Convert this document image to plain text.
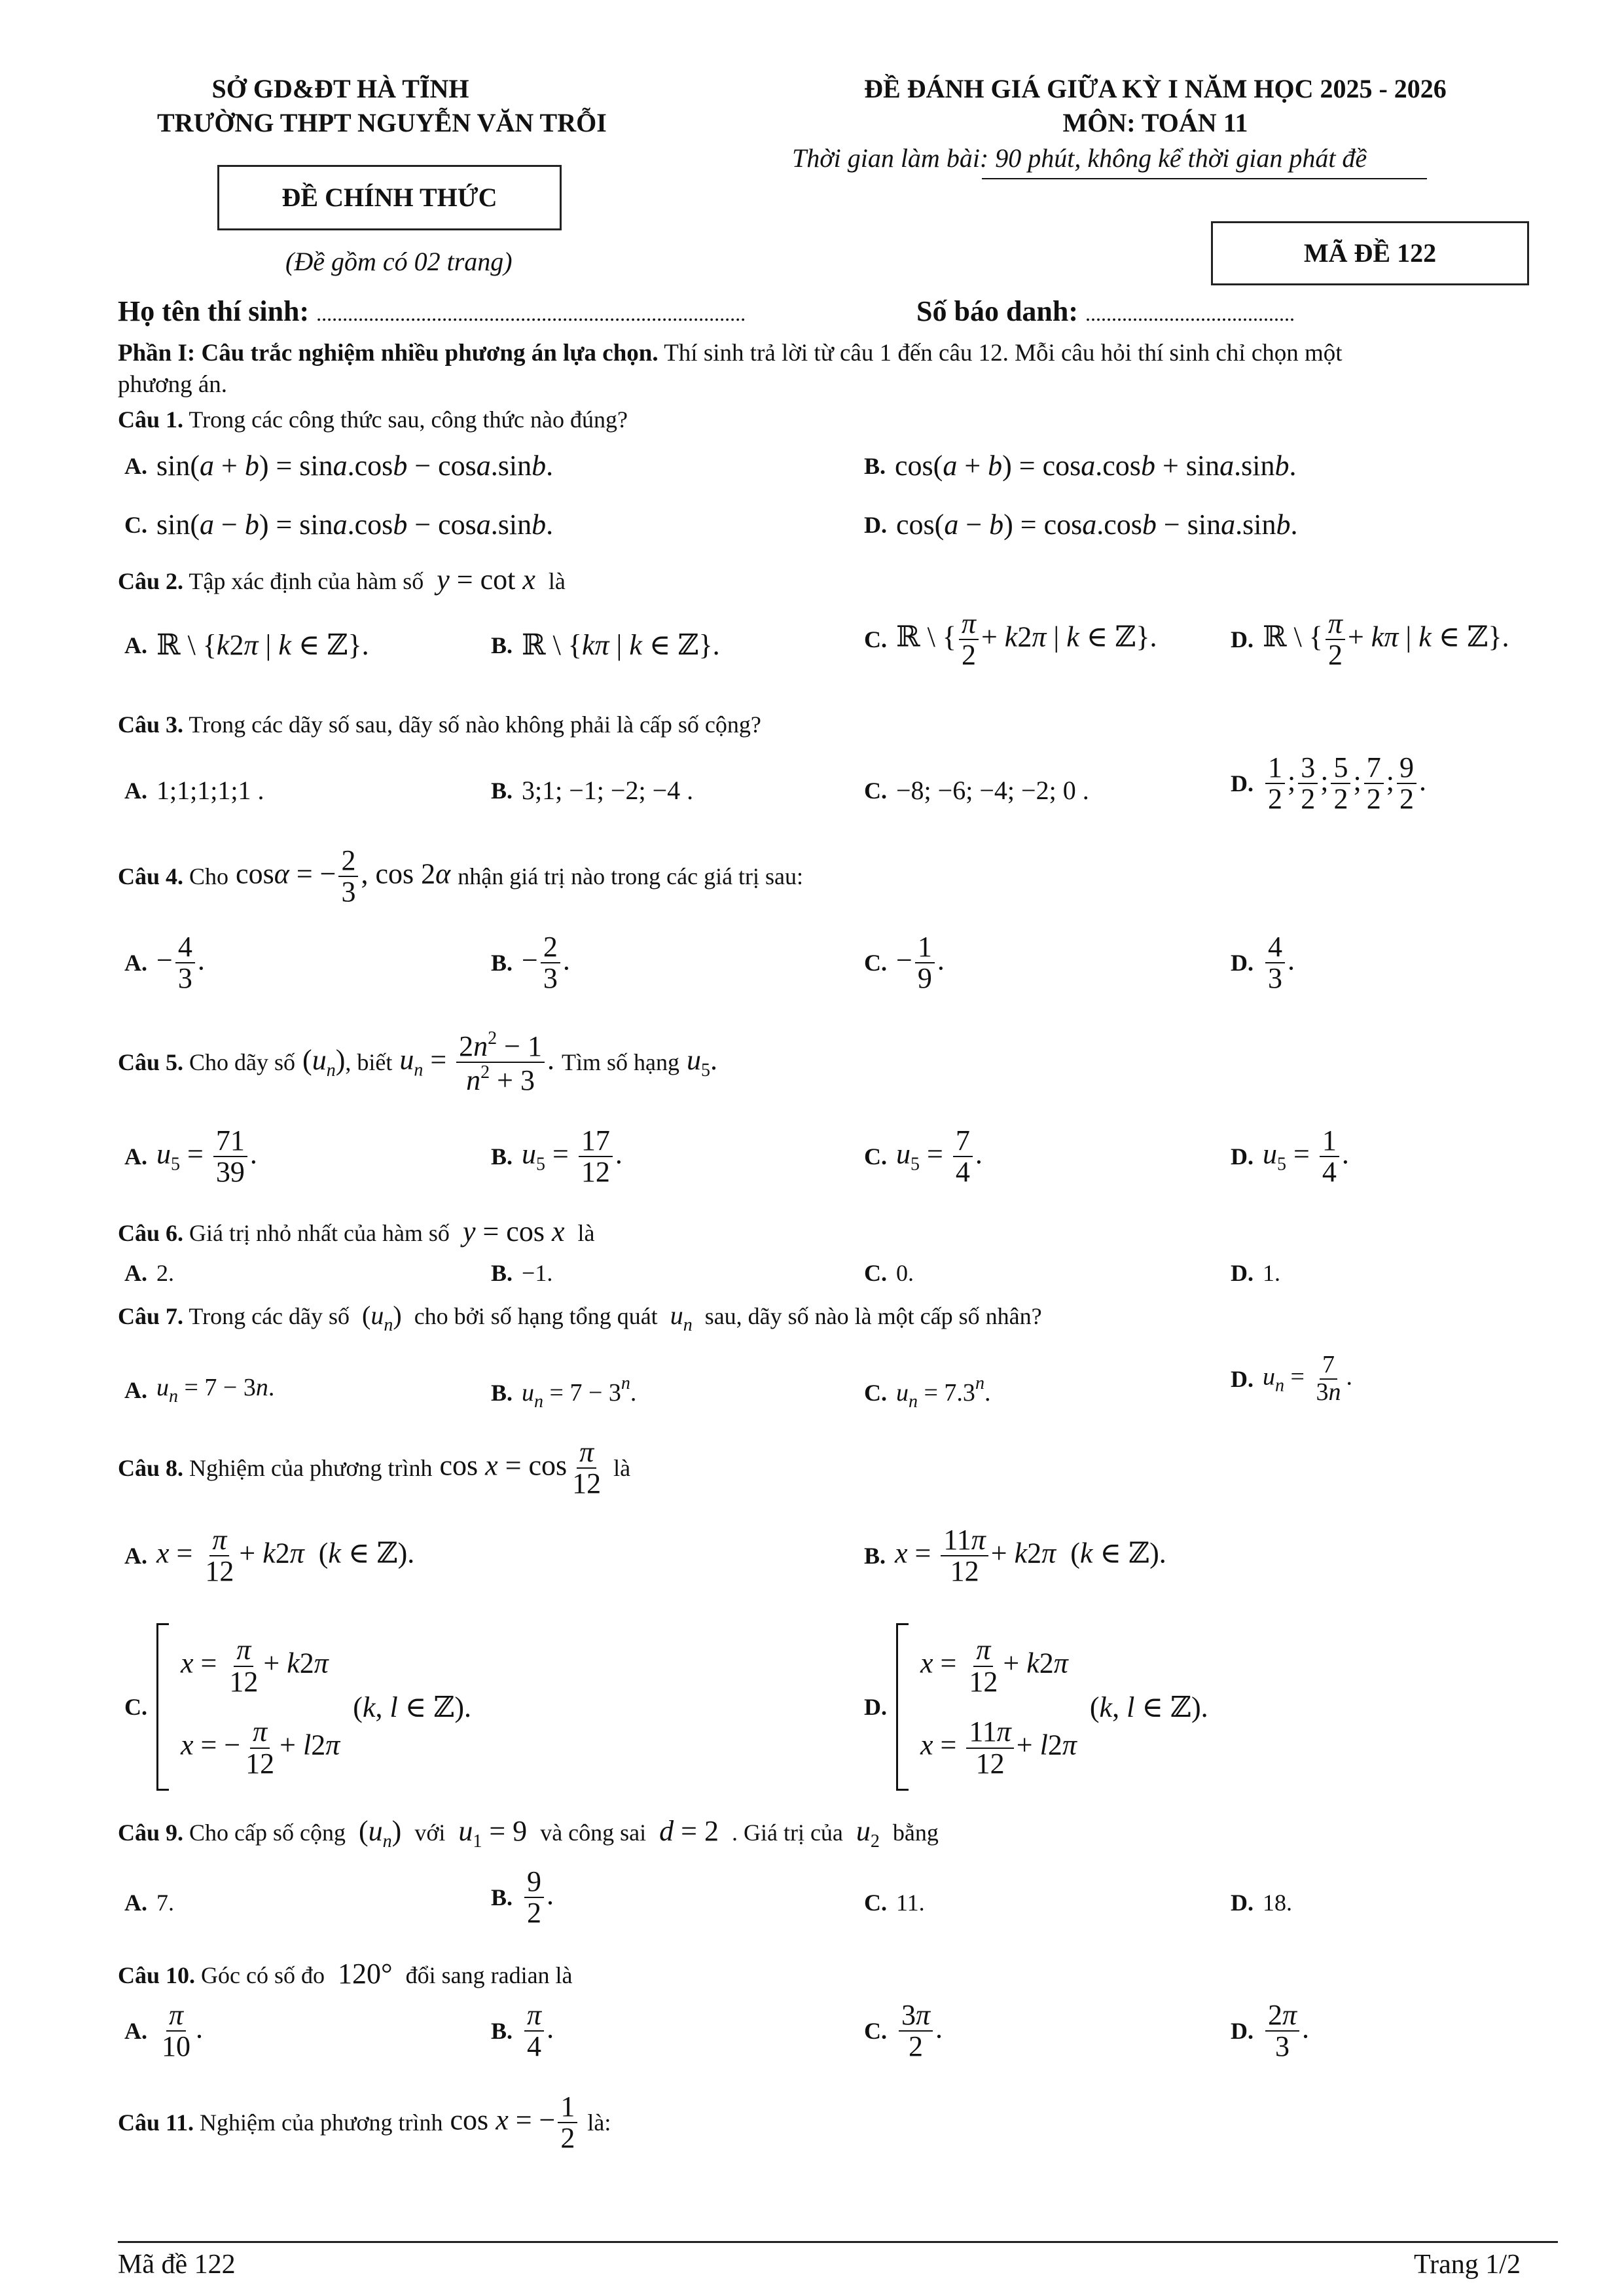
SỞ GD&ĐT HÀ TĨNH
TRƯỜNG THPT NGUYỄN VĂN TRỖI
ĐỀ CHÍNH THỨC
(Đề gồm có 02 trang)
ĐỀ ĐÁNH GIÁ GIỮA KỲ I NĂM HỌC 2025 - 2026
MÔN: TOÁN 11
Thời gian làm bài: 90 phút, không kể thời gian phát đề
MÃ ĐỀ 122
Họ tên thí sinh: ..................................................................................	Số báo danh: ........................................
Phần I: Câu trắc nghiệm nhiều phương án lựa chọn. Thí sinh trả lời từ câu 1 đến câu 12. Mỗi câu hỏi thí sinh chỉ chọn một
phương án.
Câu 1. Trong các công thức sau, công thức nào đúng?
A. sin(a + b) = sina.cosb − cosa.sinb.	B. cos(a + b) = cosa.cosb + sina.sinb.
C. sin(a − b) = sina.cosb − cosa.sinb.	D. cos(a − b) = cosa.cosb − sina.sinb.
Câu 2. Tập xác định của hàm số y = cot x là
A. ℝ \ {k2π | k ∈ ℤ}.	B. ℝ \ {kπ | k ∈ ℤ}.	C. ℝ \ { $\frac{\pi}{2} + k2\pi$ | k ∈ ℤ}.	D. ℝ \ { $\frac{\pi}{2} + k\pi$ | k ∈ ℤ}.
Câu 3. Trong các dãy số sau, dãy số nào không phải là cấp số cộng?
A. 1;1;1;1;1 .	B. 3;1; −1; −2; −4 .	C. −8; −6; −4; −2; 0 .	D. $\frac{1}{2}$ ; $\frac{3}{2}$ ; $\frac{5}{2}$ ; $\frac{7}{2}$ ; $\frac{9}{2}$ .
Câu 4.
Cho cosα = − $\frac{2}{3}$ , cos 2α nhận giá trị nào trong các giá trị sau:
A. − $\frac{4}{3}$ .	B. − $\frac{2}{3}$ .	C. − $\frac{1}{9}$ .	D. $\frac{4}{3}$ .
Câu 5.
Cho dãy số $(u_n)$ , biết $u_n = \frac{2n^2 - 1}{n^2 + 3}$ . Tìm số hạng $u_5$.
A. $u_5 = \frac{71}{39}$ .	B. $u_5 = \frac{17}{12}$ .	C. $u_5 = \frac{7}{4}$ .	D. $u_5 = \frac{1}{4}$ .
Câu 6. Giá trị nhỏ nhất của hàm số y = cos x là
A. 2.	B. −1.	C. 0.	D. 1.
Câu 7. Trong các dãy số  $(u_n)$  cho bởi số hạng tổng quát $u_n$ sau, dãy số nào là một cấp số nhân?
A. $u_n = 7 - 3n$.	B. $u_n = 7 - 3^n$.	C. $u_n = 7.3^n$.
D. $u_n = \frac{7}{3n}$ .
Câu 8.
Nghiệm của phương trình $\cos x = \cos \frac{\pi}{12}$
là
A. $x = \frac{\pi}{12} + k2\pi$  (k ∈ ℤ).	B. $x = \frac{11\pi}{12} + k2\pi$  (k ∈ ℤ).
C.
$x = \frac{\pi}{12} + k2\pi$
x = − $\frac{\pi}{12} + l2\pi$
(k, l ∈ ℤ).	D.
$x = \frac{\pi}{12} + k2\pi$
$x = \frac{11\pi}{12} + l2\pi$
(k, l ∈ ℤ).
Câu 9. Cho cấp số cộng  $(u_n)$  với $u_1 = 9$  và công sai d = 2  . Giá trị của $u_2$ bằng
A. 7.	B. $\frac{9}{2}$ .	C. 11.	D. 18.
Câu 10. Góc có số đo  120°  đổi sang radian là
A. $\frac{\pi}{10}$ .	B. $\frac{\pi}{4}$ .	C. $\frac{3\pi}{2}$ .	D. $\frac{2\pi}{3}$ .
Câu 11.
Nghiệm của phương trình cos x = − $\frac{1}{2}$
là:
Mã đề 122	Trang 1/2
